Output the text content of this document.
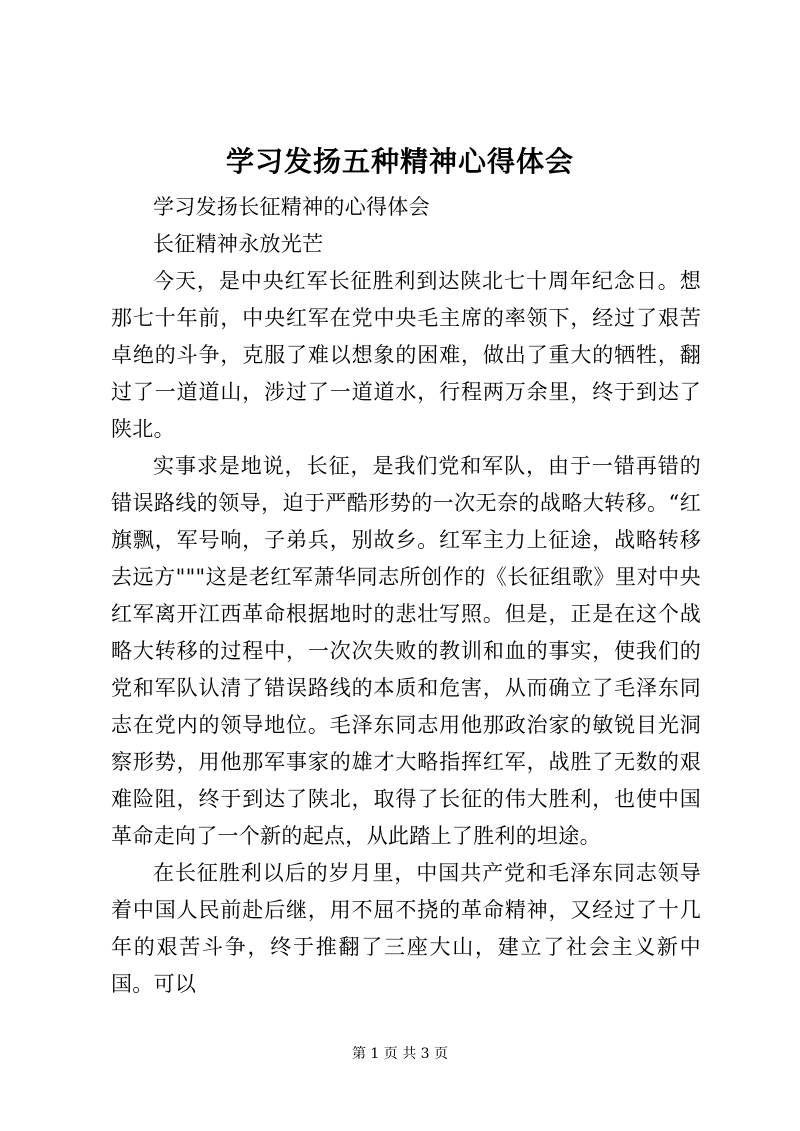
学习发扬五种精神心得体会

学习发扬长征精神的心得体会

长征精神永放光芒

今天，是中央红军长征胜利到达陕北七十周年纪念日。想那七十年前，中央红军在党中央毛主席的率领下，经过了艰苦卓绝的斗争，克服了难以想象的困难，做出了重大的牺牲，翻过了一道道山，涉过了一道道水，行程两万余里，终于到达了陕北。

实事求是地说，长征，是我们党和军队，由于一错再错的错误路线的领导，迫于严酷形势的一次无奈的战略大转移。“红旗飘，军号响，子弟兵，别故乡。红军主力上征途，战略转移去远方"""这是老红军萧华同志所创作的《长征组歌》里对中央红军离开江西革命根据地时的悲壮写照。但是，正是在这个战略大转移的过程中，一次次失败的教训和血的事实，使我们的党和军队认清了错误路线的本质和危害，从而确立了毛泽东同志在党内的领导地位。毛泽东同志用他那政治家的敏锐目光洞察形势，用他那军事家的雄才大略指挥红军，战胜了无数的艰难险阻，终于到达了陕北，取得了长征的伟大胜利，也使中国革命走向了一个新的起点，从此踏上了胜利的坦途。

在长征胜利以后的岁月里，中国共产党和毛泽东同志领导着中国人民前赴后继，用不屈不挠的革命精神，又经过了十几年的艰苦斗争，终于推翻了三座大山，建立了社会主义新中国。可以

第 1 页 共 3 页
